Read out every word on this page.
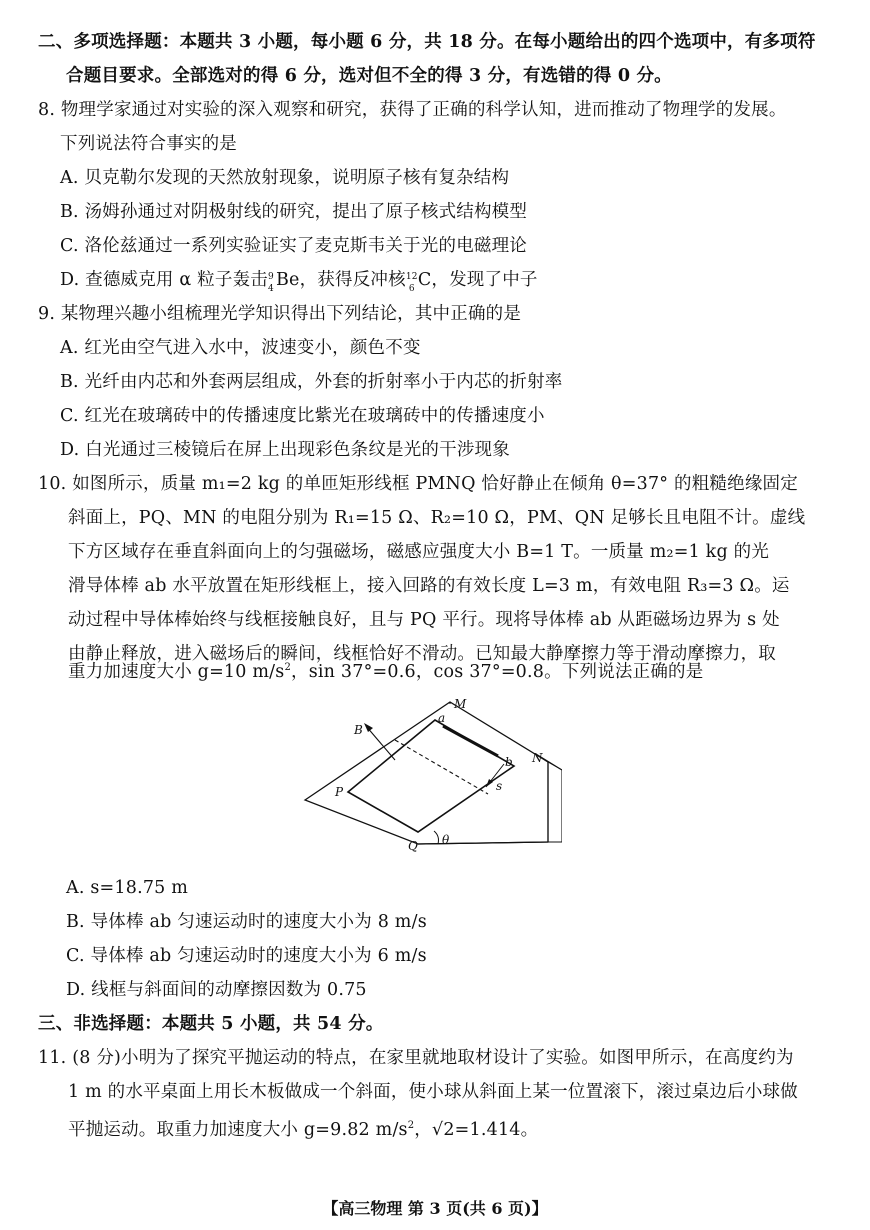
二、多项选择题：本题共 3 小题，每小题 6 分，共 18 分。在每小题给出的四个选项中，有多项符
合题目要求。全部选对的得 6 分，选对但不全的得 3 分，有选错的得 0 分。
8. 物理学家通过对实验的深入观察和研究，获得了正确的科学认知，进而推动了物理学的发展。
下列说法符合事实的是
A. 贝克勒尔发现的天然放射现象，说明原子核有复杂结构
B. 汤姆孙通过对阴极射线的研究，提出了原子核式结构模型
C. 洛伦兹通过一系列实验证实了麦克斯韦关于光的电磁理论
D. 查德威克用 α 粒子轰击 9
4 Be，获得反冲核 12
6 C，发现了中子
9. 某物理兴趣小组梳理光学知识得出下列结论，其中正确的是
A. 红光由空气进入水中，波速变小，颜色不变
B. 光纤由内芯和外套两层组成，外套的折射率小于内芯的折射率
C. 红光在玻璃砖中的传播速度比紫光在玻璃砖中的传播速度小
D. 白光通过三棱镜后在屏上出现彩色条纹是光的干涉现象
10. 如图所示，质量 m₁=2 kg 的单匝矩形线框 PMNQ 恰好静止在倾角 θ=37° 的粗糙绝缘固定
斜面上，PQ、MN 的电阻分别为 R₁=15 Ω、R₂=10 Ω，PM、QN 足够长且电阻不计。虚线
下方区域存在垂直斜面向上的匀强磁场，磁感应强度大小 B=1 T。一质量 m₂=1 kg 的光
滑导体棒 ab 水平放置在矩形线框上，接入回路的有效长度 L=3 m，有效电阻 R₃=3 Ω。运
动过程中导体棒始终与线框接触良好，且与 PQ 平行。现将导体棒 ab 从距磁场边界为 s 处
由静止释放，进入磁场后的瞬间，线框恰好不滑动。已知最大静摩擦力等于滑动摩擦力，取
重力加速度大小 g=10 $m/s^2$，sin 37°=0.6，cos 37°=0.8。下列说法正确的是
B
M
a
b N
P	s
Q θ
A. s=18.75 m
B. 导体棒 ab 匀速运动时的速度大小为 8 m/s
C. 导体棒 ab 匀速运动时的速度大小为 6 m/s
D. 线框与斜面间的动摩擦因数为 0.75
三、非选择题：本题共 5 小题，共 54 分。
11. (8 分)小明为了探究平抛运动的特点，在家里就地取材设计了实验。如图甲所示，在高度约为
1 m 的水平桌面上用长木板做成一个斜面，使小球从斜面上某一位置滚下，滚过桌边后小球做
平抛运动。取重力加速度大小 g=9.82 $m/s^2$，√2=1.414。
【高三物理 第 3 页(共 6 页)】
